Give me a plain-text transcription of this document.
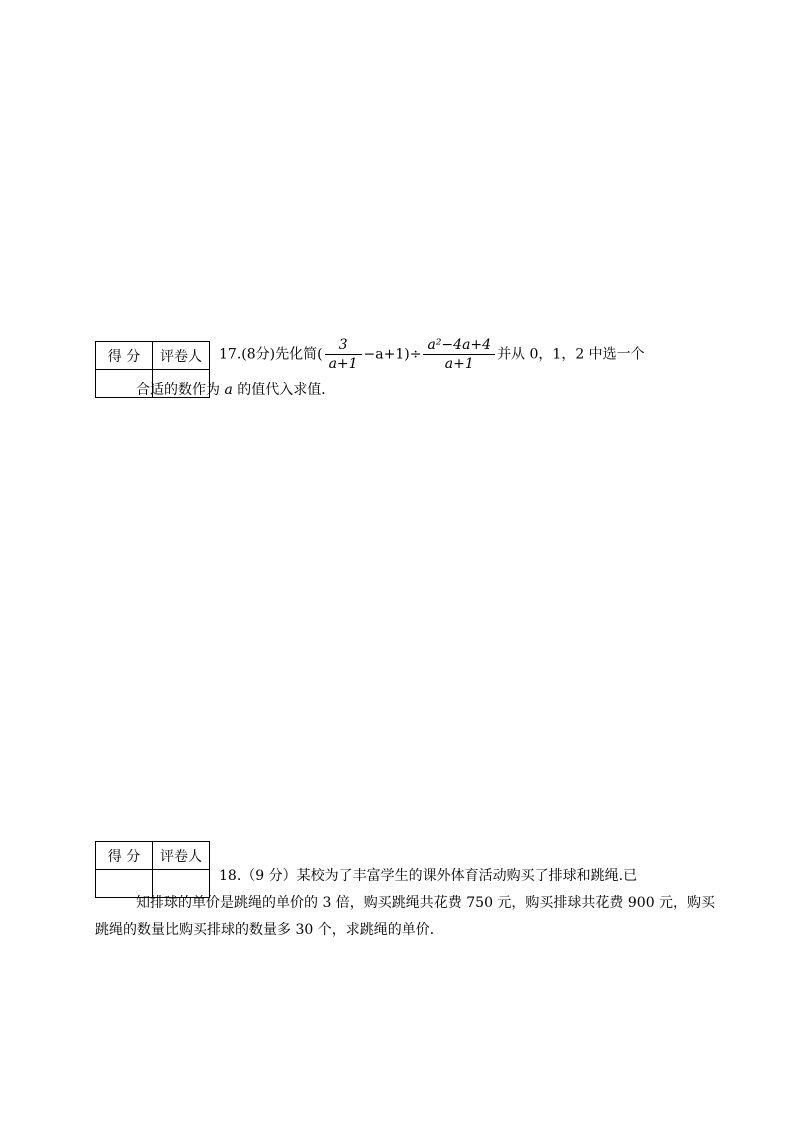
得 分	评卷人
	17.(8分)先化简( $\frac{3}{a+1} -a+1)\div \frac{\text{a²−4a+4}}{a+1}$ 并从 0，1，2 中选一个
合适的数作为 a 的值代入求值．
得 分	评卷人

18.（9 分）某校为了丰富学生的课外体育活动购买了排球和跳绳.已
知排球的单价是跳绳的单价的 3 倍，购买跳绳共花费 750 元，购买排球共花费 900 元，购买
跳绳的数量比购买排球的数量多 30 个，求跳绳的单价．
